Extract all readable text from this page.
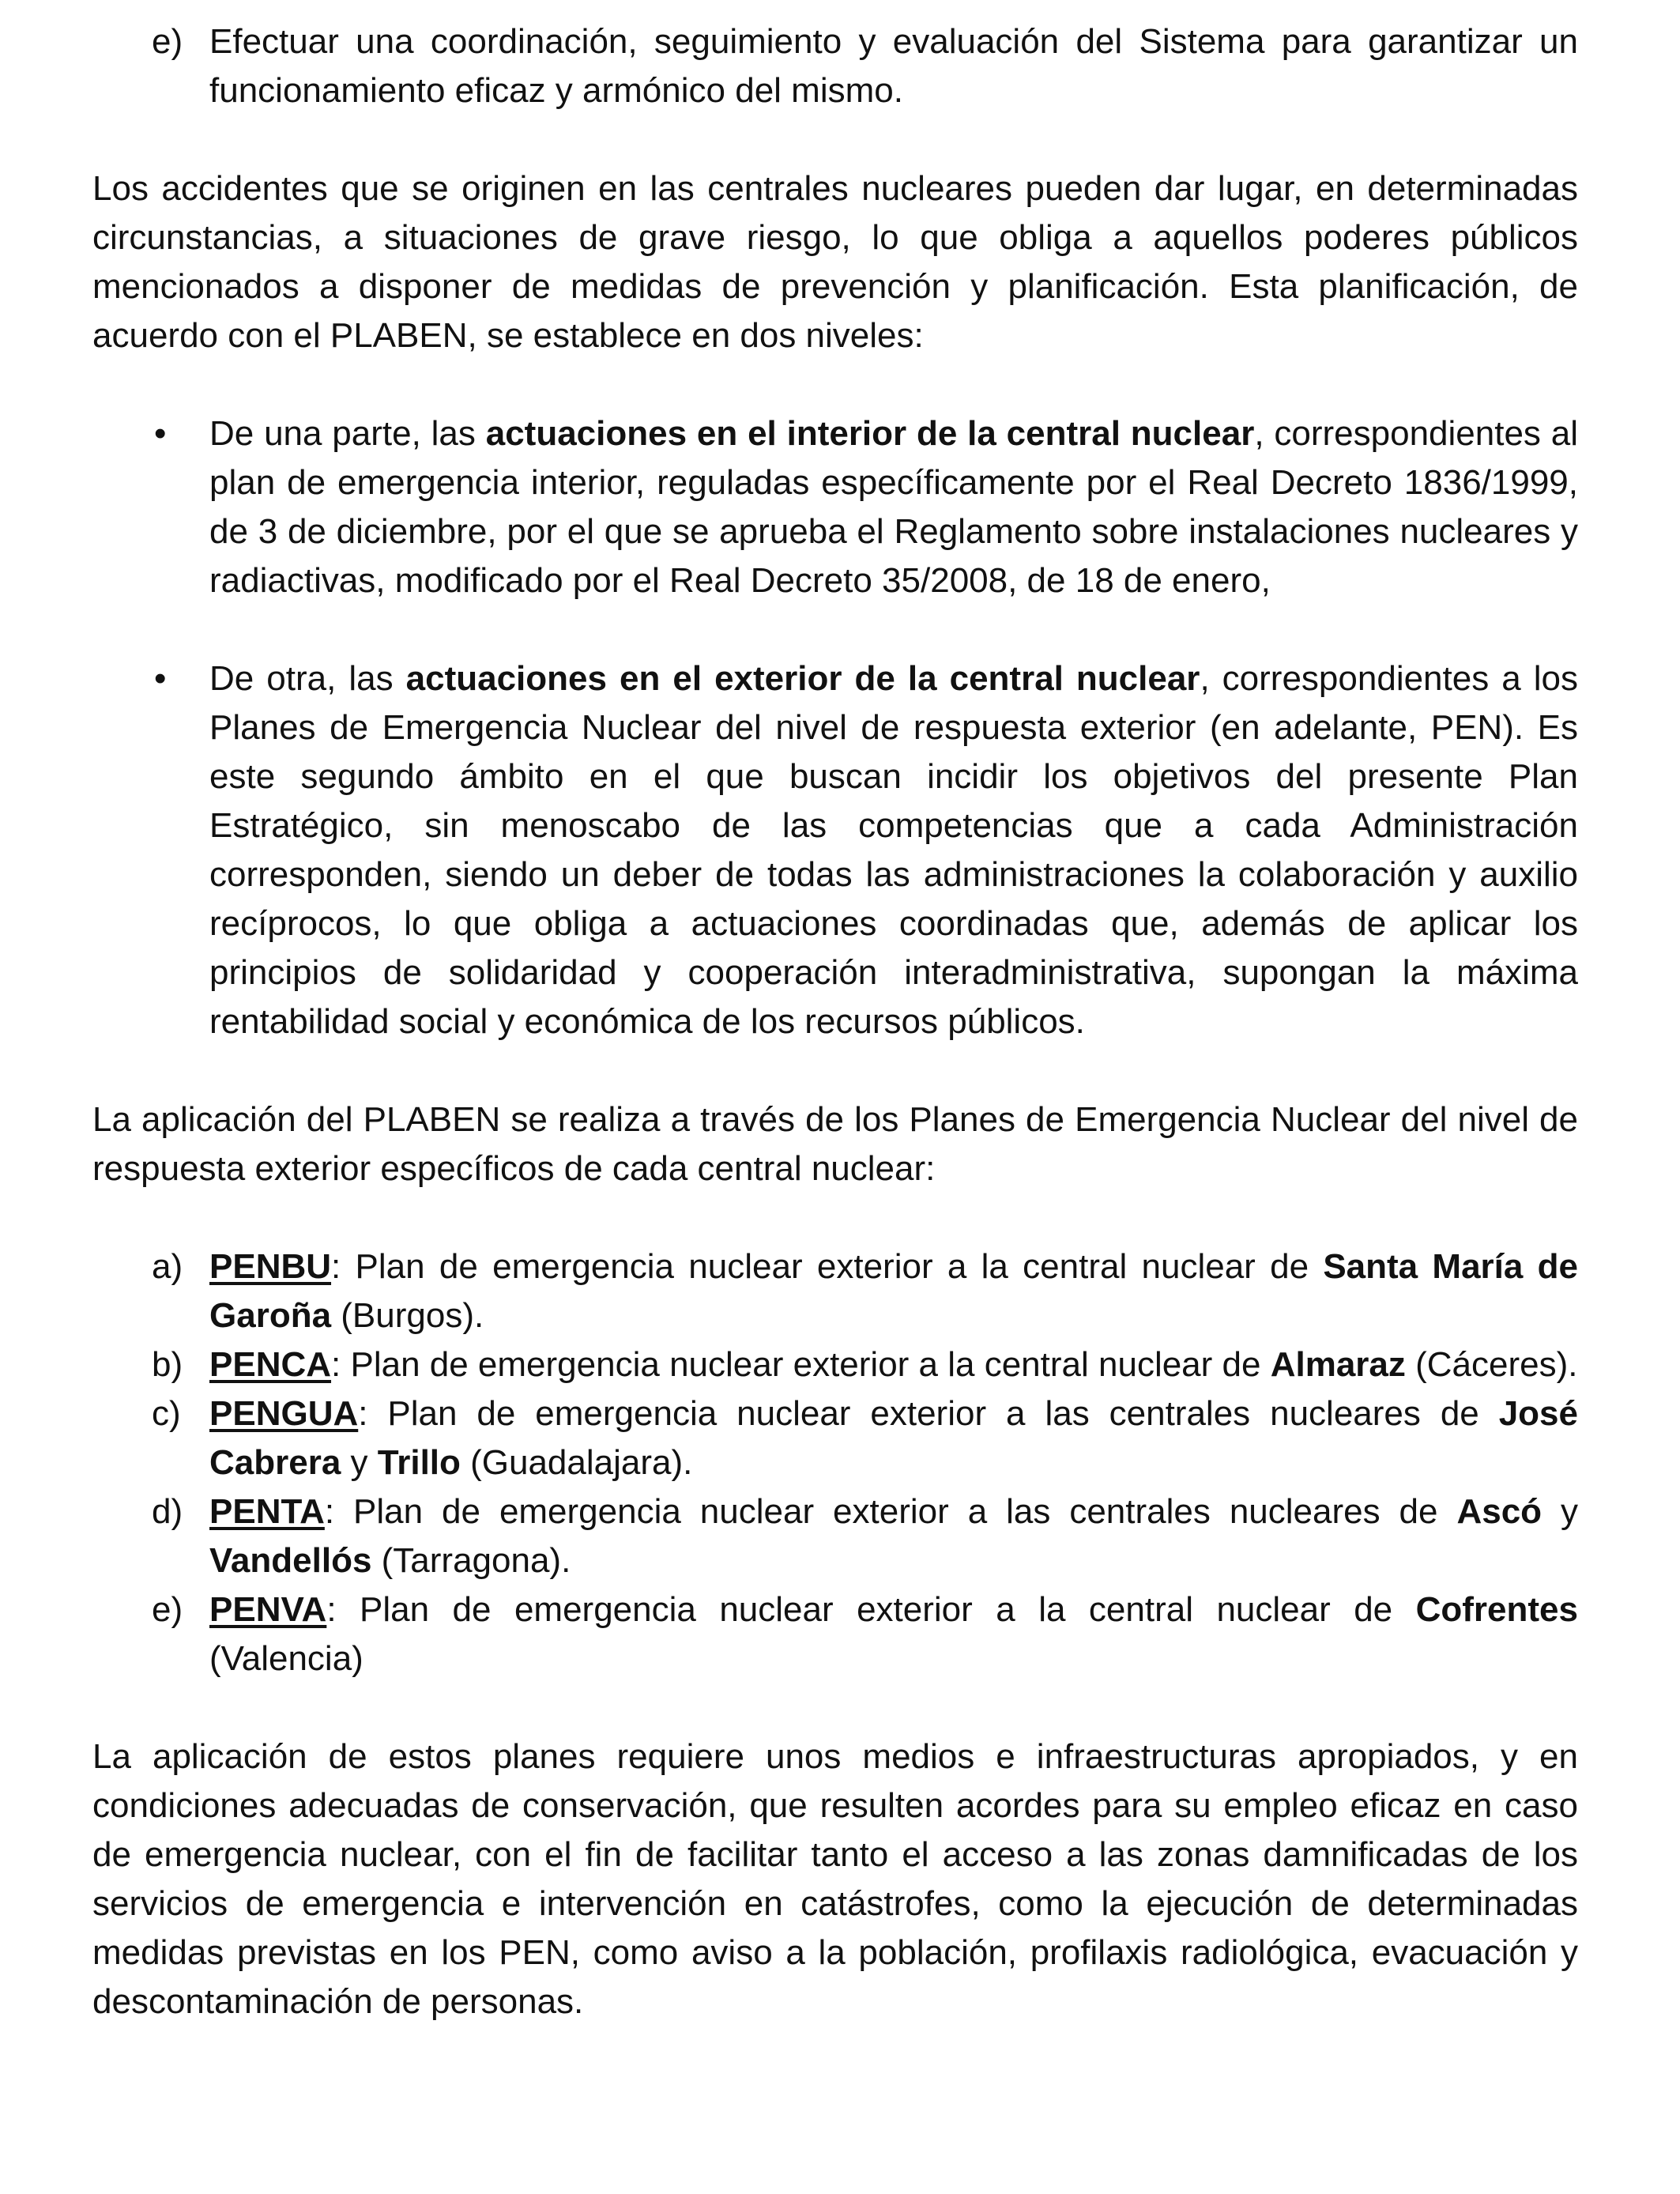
e) Efectuar una coordinación, seguimiento y evaluación del Sistema para garantizar un funcionamiento eficaz y armónico del mismo.
Los accidentes que se originen en las centrales nucleares pueden dar lugar, en determinadas circunstancias, a situaciones de grave riesgo, lo que obliga a aquellos poderes públicos mencionados a disponer de medidas de prevención y planificación. Esta planificación, de acuerdo con el PLABEN, se establece en dos niveles:
• De una parte, las actuaciones en el interior de la central nuclear, correspondientes al plan de emergencia interior, reguladas específicamente por el Real Decreto 1836/1999, de 3 de diciembre, por el que se aprueba el Reglamento sobre instalaciones nucleares y radiactivas, modificado por el Real Decreto 35/2008, de 18 de enero,
• De otra, las actuaciones en el exterior de la central nuclear, correspondientes a los Planes de Emergencia Nuclear del nivel de respuesta exterior (en adelante, PEN). Es este segundo ámbito en el que buscan incidir los objetivos del presente Plan Estratégico, sin menoscabo de las competencias que a cada Administración corresponden, siendo un deber de todas las administraciones la colaboración y auxilio recíprocos, lo que obliga a actuaciones coordinadas que, además de aplicar los principios de solidaridad y cooperación interadministrativa, supongan la máxima rentabilidad social y económica de los recursos públicos.
La aplicación del PLABEN se realiza a través de los Planes de Emergencia Nuclear del nivel de respuesta exterior específicos de cada central nuclear:
a) PENBU: Plan de emergencia nuclear exterior a la central nuclear de Santa María de Garoña (Burgos).
b) PENCA: Plan de emergencia nuclear exterior a la central nuclear de Almaraz (Cáceres).
c) PENGUA: Plan de emergencia nuclear exterior a las centrales nucleares de José Cabrera y Trillo (Guadalajara).
d) PENTA: Plan de emergencia nuclear exterior a las centrales nucleares de Ascó y Vandellós (Tarragona).
e) PENVA: Plan de emergencia nuclear exterior a la central nuclear de Cofrentes (Valencia)
La aplicación de estos planes requiere unos medios e infraestructuras apropiados, y en condiciones adecuadas de conservación, que resulten acordes para su empleo eficaz en caso de emergencia nuclear, con el fin de facilitar tanto el acceso a las zonas damnificadas de los servicios de emergencia e intervención en catástrofes, como la ejecución de determinadas medidas previstas en los PEN, como aviso a la población, profilaxis radiológica, evacuación y descontaminación de personas.
